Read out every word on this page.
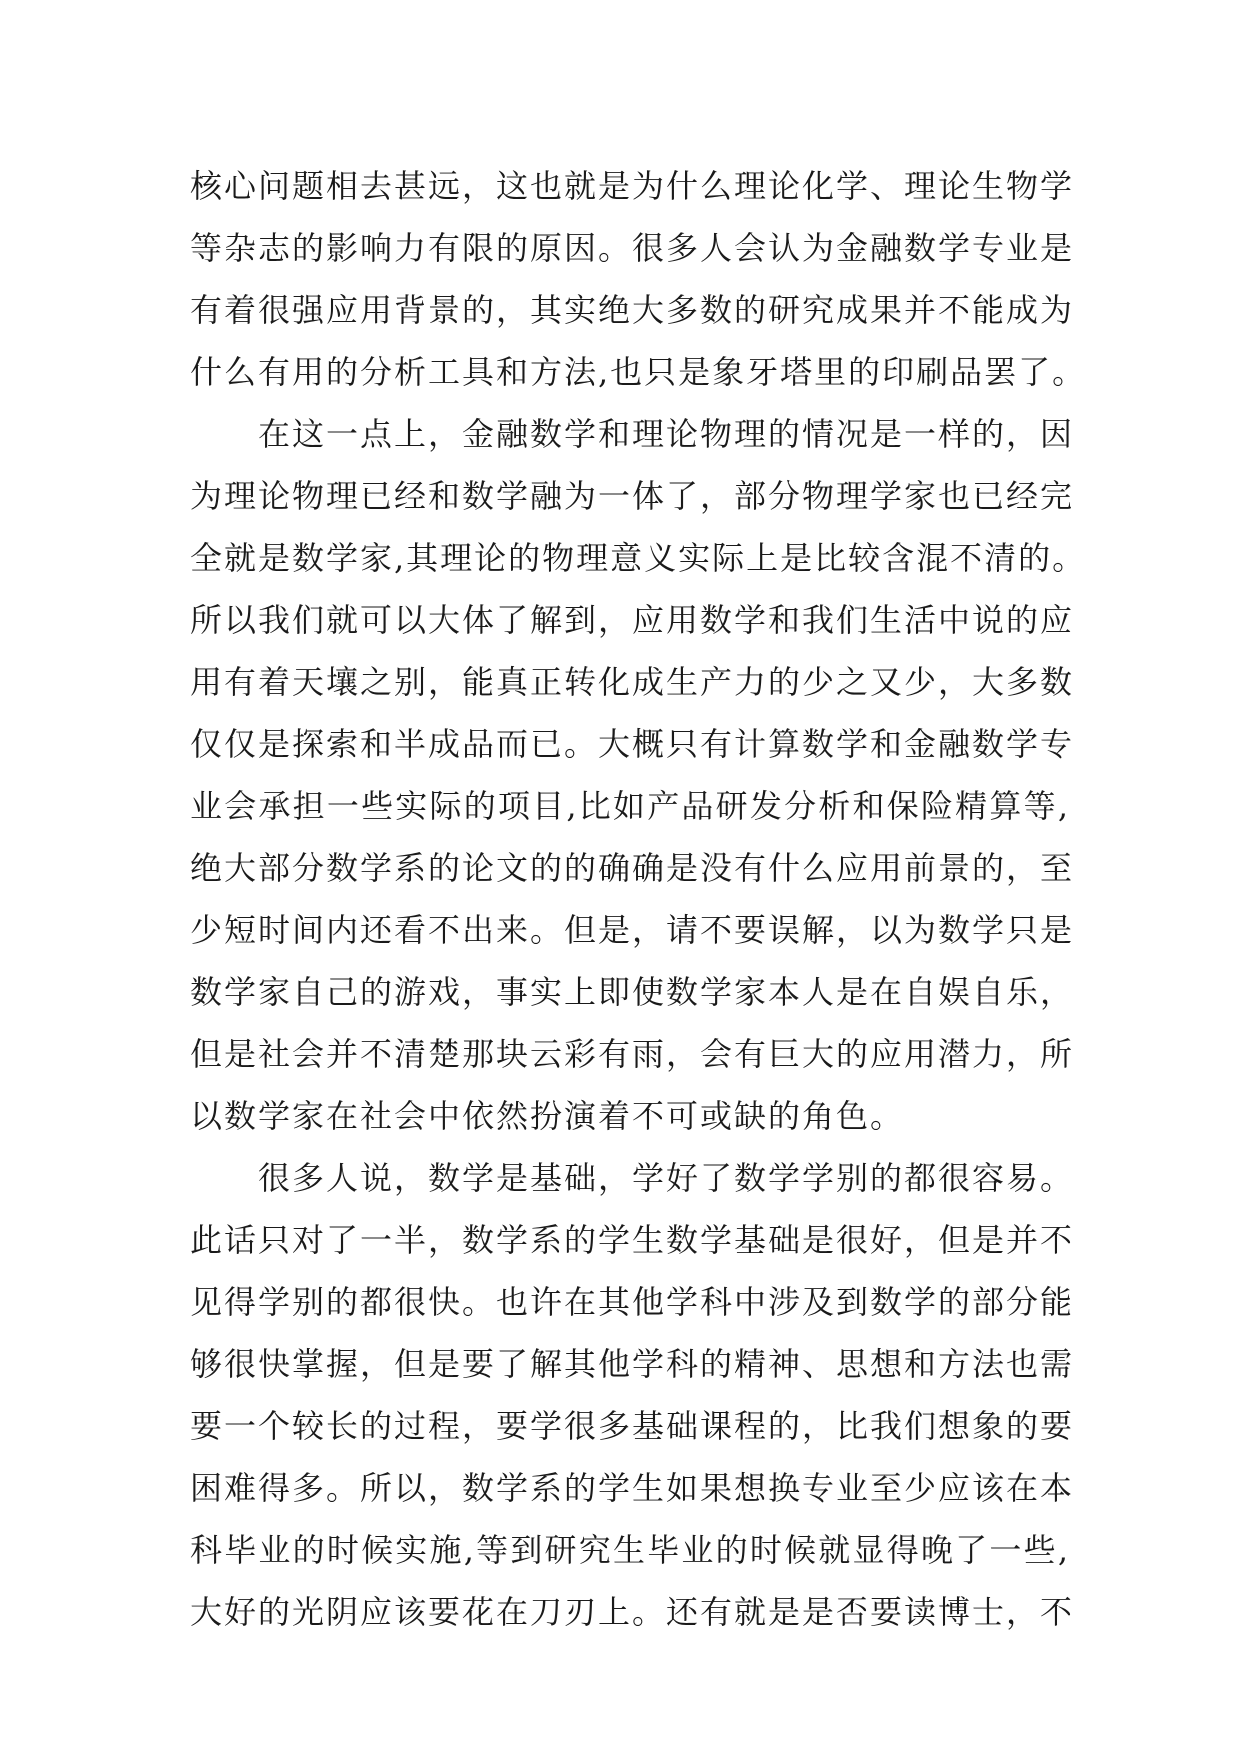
核心问题相去甚远，这也就是为什么理论化学、理论生物学
等杂志的影响力有限的原因。很多人会认为金融数学专业是
有着很强应用背景的，其实绝大多数的研究成果并不能成为
什么有用的分析工具和方法,也只是象牙塔里的印刷品罢了。
在这一点上，金融数学和理论物理的情况是一样的，因
为理论物理已经和数学融为一体了，部分物理学家也已经完
全就是数学家,其理论的物理意义实际上是比较含混不清的。
所以我们就可以大体了解到，应用数学和我们生活中说的应
用有着天壤之别，能真正转化成生产力的少之又少，大多数
仅仅是探索和半成品而已。大概只有计算数学和金融数学专
业会承担一些实际的项目,比如产品研发分析和保险精算等,
绝大部分数学系的论文的的确确是没有什么应用前景的，至
少短时间内还看不出来。但是，请不要误解，以为数学只是
数学家自己的游戏，事实上即使数学家本人是在自娱自乐，
但是社会并不清楚那块云彩有雨，会有巨大的应用潜力，所
以数学家在社会中依然扮演着不可或缺的角色。
很多人说，数学是基础，学好了数学学别的都很容易。
此话只对了一半，数学系的学生数学基础是很好，但是并不
见得学别的都很快。也许在其他学科中涉及到数学的部分能
够很快掌握，但是要了解其他学科的精神、思想和方法也需
要一个较长的过程，要学很多基础课程的，比我们想象的要
困难得多。所以，数学系的学生如果想换专业至少应该在本
科毕业的时候实施,等到研究生毕业的时候就显得晚了一些,
大好的光阴应该要花在刀刃上。还有就是是否要读博士，不
